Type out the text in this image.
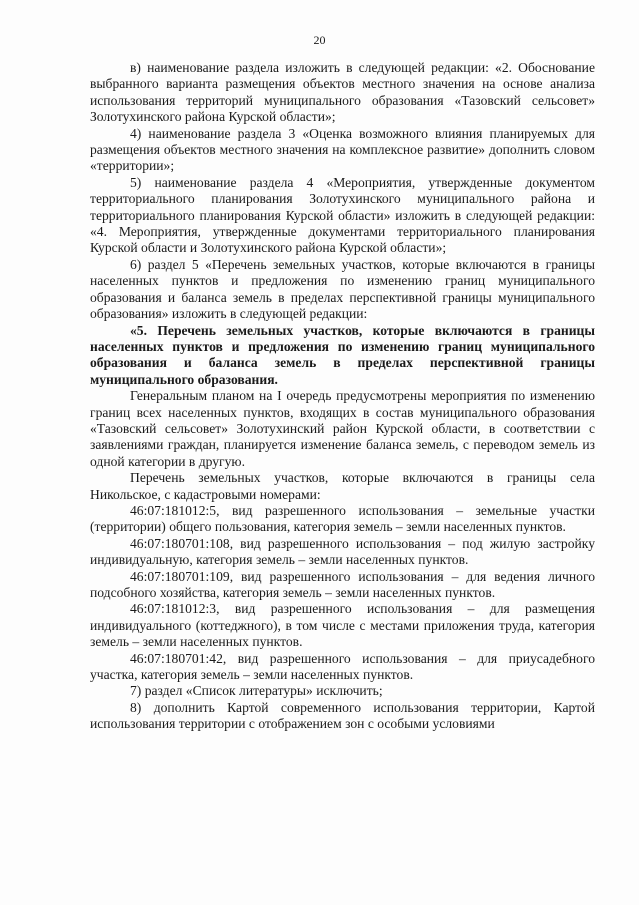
20

в) наименование раздела изложить в следующей редакции: «2. Обоснование выбранного варианта размещения объектов местного значения на основе анализа использования территорий муниципального образования «Тазовский сельсовет» Золотухинского района Курской области»;

4) наименование раздела 3 «Оценка возможного влияния планируемых для размещения объектов местного значения на комплексное развитие» дополнить словом «территории»;

5) наименование раздела 4 «Мероприятия, утвержденные документом территориального планирования Золотухинского муниципального района и территориального планирования Курской области» изложить в следующей редакции: «4. Мероприятия, утвержденные документами территориального планирования Курской области и Золотухинского района Курской области»;

6) раздел 5 «Перечень земельных участков, которые включаются в границы населенных пунктов и предложения по изменению границ муниципального образования и баланса земель в пределах перспективной границы муниципального образования» изложить в следующей редакции:

«5. Перечень земельных участков, которые включаются в границы населенных пунктов и предложения по изменению границ муниципального образования и баланса земель в пределах перспективной границы муниципального образования.

Генеральным планом на I очередь предусмотрены мероприятия по изменению границ всех населенных пунктов, входящих в состав муниципального образования «Тазовский сельсовет» Золотухинский район Курской области, в соответствии с заявлениями граждан, планируется изменение баланса земель, с переводом земель из одной категории в другую.

Перечень земельных участков, которые включаются в границы села Никольское, с кадастровыми номерами:

46:07:181012:5, вид разрешенного использования – земельные участки (территории) общего пользования, категория земель – земли населенных пунктов.

46:07:180701:108, вид разрешенного использования – под жилую застройку индивидуальную, категория земель – земли населенных пунктов.

46:07:180701:109, вид разрешенного использования – для ведения личного подсобного хозяйства, категория земель – земли населенных пунктов.

46:07:181012:3, вид разрешенного использования – для размещения индивидуального (коттеджного), в том числе с местами приложения труда, категория земель – земли населенных пунктов.

46:07:180701:42, вид разрешенного использования – для приусадебного участка, категория земель – земли населенных пунктов.

7) раздел «Список литературы» исключить;

8) дополнить Картой современного использования территории, Картой использования территории с отображением зон с особыми условиями
